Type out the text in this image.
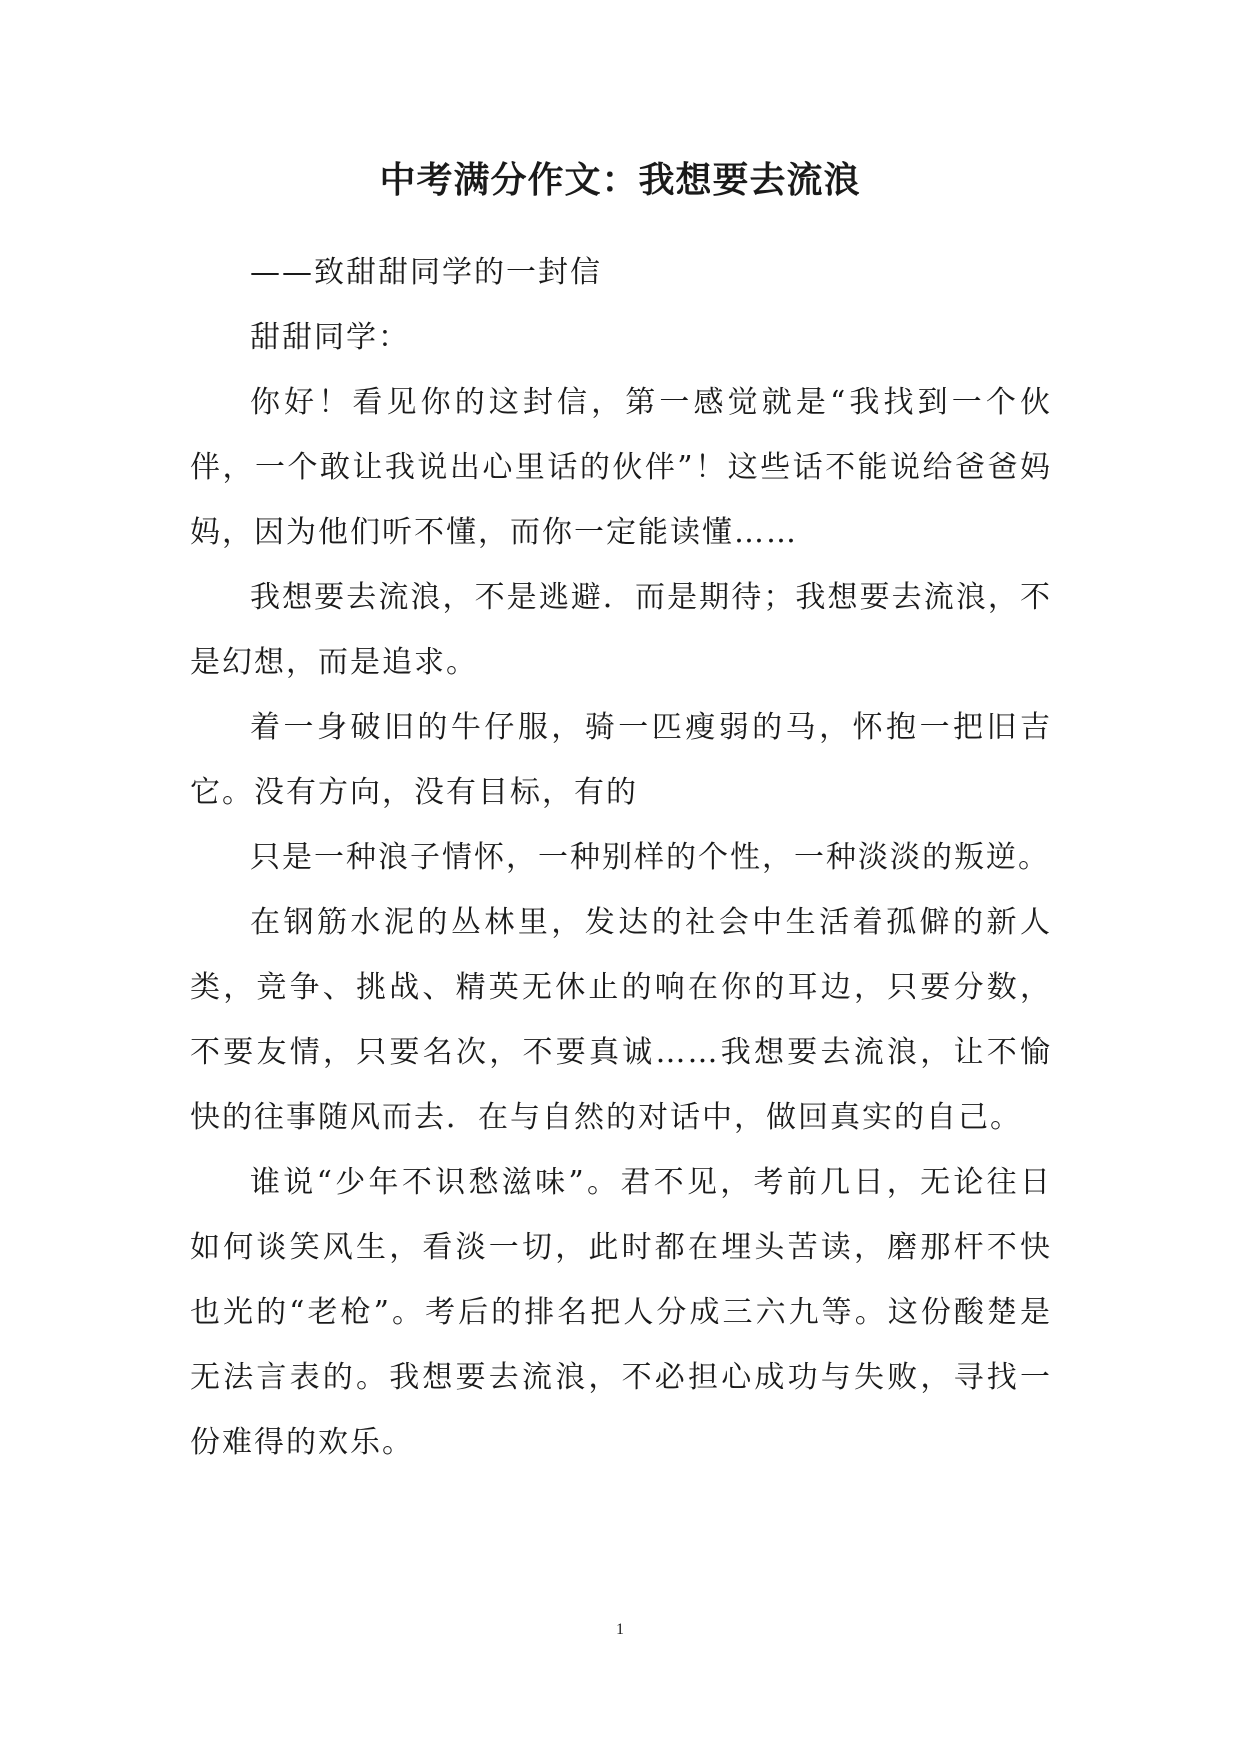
中考满分作文：我想要去流浪

——致甜甜同学的一封信

甜甜同学：

你好！看见你的这封信，第一感觉就是“我找到一个伙伴，一个敢让我说出心里话的伙伴”！这些话不能说给爸爸妈妈，因为他们听不懂，而你一定能读懂……

我想要去流浪，不是逃避．而是期待；我想要去流浪，不是幻想，而是追求。

着一身破旧的牛仔服，骑一匹瘦弱的马，怀抱一把旧吉它。没有方向，没有目标，有的

只是一种浪子情怀，一种别样的个性，一种淡淡的叛逆。

在钢筋水泥的丛林里，发达的社会中生活着孤僻的新人类，竞争、挑战、精英无休止的响在你的耳边，只要分数，不要友情，只要名次，不要真诚……我想要去流浪，让不愉快的往事随风而去．在与自然的对话中，做回真实的自己。

谁说“少年不识愁滋味”。君不见，考前几日，无论往日如何谈笑风生，看淡一切，此时都在埋头苦读，磨那杆不快也光的“老枪”。考后的排名把人分成三六九等。这份酸楚是无法言表的。我想要去流浪，不必担心成功与失败，寻找一份难得的欢乐。

1
